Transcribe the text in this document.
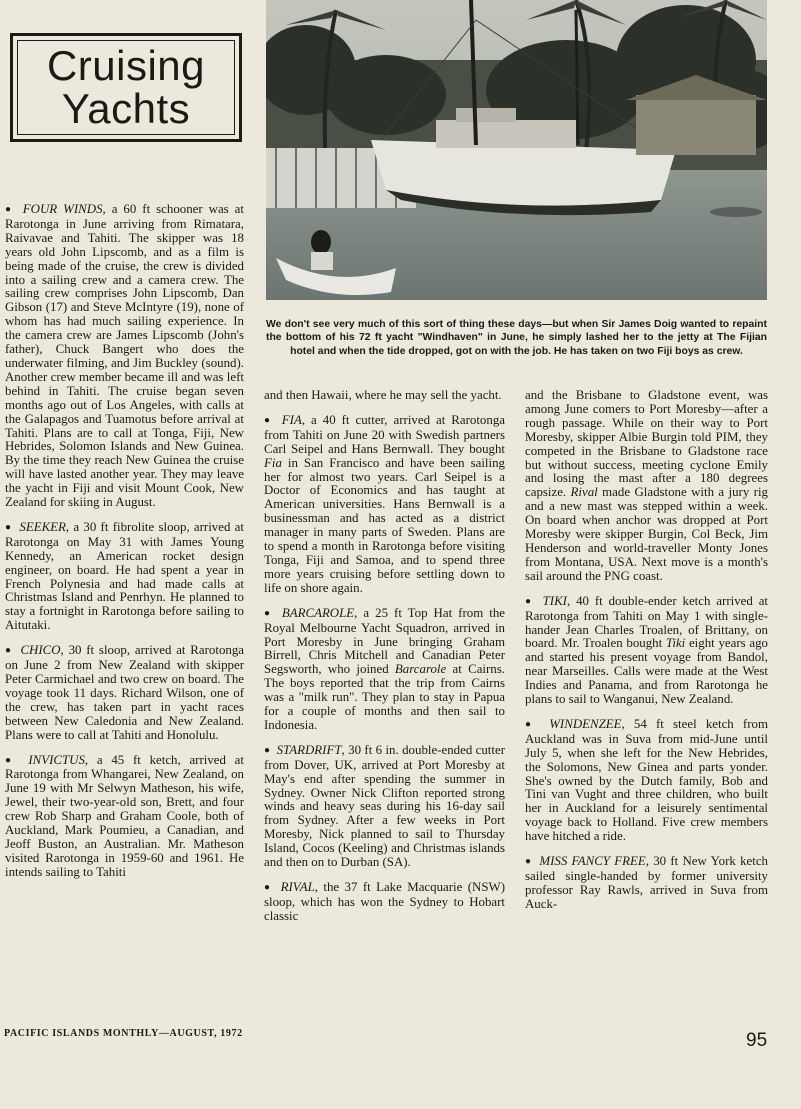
Cruising
Yachts
We don't see very much of this sort of thing these days—but when Sir James Doig wanted to repaint the bottom of his 72 ft yacht "Windhaven" in June, he simply lashed her to the jetty at The Fijian hotel and when the tide dropped, got on with the job. He has taken on two Fiji boys as crew.

● FOUR WINDS, a 60 ft schooner was at Rarotonga in June arriving from Rimatara, Raivavae and Tahiti. The skipper was 18 years old John Lipscomb, and as a film is being made of the cruise, the crew is divided into a sailing crew and a camera crew. The sailing crew comprises John Lipscomb, Dan Gibson (17) and Steve McIntyre (19), none of whom has had much sailing experience. In the camera crew are James Lipscomb (John's father), Chuck Bangert who does the underwater filming, and Jim Buckley (sound). Another crew member became ill and was left behind in Tahiti. The cruise began seven months ago out of Los Angeles, with calls at the Galapagos and Tuamotus before arrival at Tahiti. Plans are to call at Tonga, Fiji, New Hebrides, Solomon Islands and New Guinea. By the time they reach New Guinea the cruise will have lasted another year. They may leave the yacht in Fiji and visit Mount Cook, New Zealand for skiing in August.

● SEEKER, a 30 ft fibrolite sloop, arrived at Rarotonga on May 31 with James Young Kennedy, an American rocket design engineer, on board. He had spent a year in French Polynesia and had made calls at Christmas Island and Penrhyn. He planned to stay a fortnight in Rarotonga before sailing to Aitutaki.

● CHICO, 30 ft sloop, arrived at Rarotonga on June 2 from New Zealand with skipper Peter Carmichael and two crew on board. The voyage took 11 days. Richard Wilson, one of the crew, has taken part in yacht races between New Caledonia and New Zealand. Plans were to call at Tahiti and Honolulu.

● INVICTUS, a 45 ft ketch, arrived at Rarotonga from Whangarei, New Zealand, on June 19 with Mr Selwyn Matheson, his wife, Jewel, their two-year-old son, Brett, and four crew Rob Sharp and Graham Coole, both of Auckland, Mark Poumieu, a Canadian, and Jeoff Buston, an Australian. Mr. Matheson visited Rarotonga in 1959-60 and 1961. He intends sailing to Tahiti

and then Hawaii, where he may sell the yacht.

● FIA, a 40 ft cutter, arrived at Rarotonga from Tahiti on June 20 with Swedish partners Carl Seipel and Hans Bernwall. They bought Fia in San Francisco and have been sailing her for almost two years. Carl Seipel is a Doctor of Economics and has taught at American universities. Hans Bernwall is a businessman and has acted as a district manager in many parts of Sweden. Plans are to spend a month in Rarotonga before visiting Tonga, Fiji and Samoa, and to spend three more years cruising before settling down to life on shore again.

● BARCAROLE, a 25 ft Top Hat from the Royal Melbourne Yacht Squadron, arrived in Port Moresby in June bringing Graham Birrell, Chris Mitchell and Canadian Peter Segsworth, who joined Barcarole at Cairns. The boys reported that the trip from Cairns was a "milk run". They plan to stay in Papua for a couple of months and then sail to Indonesia.

● STARDRIFT, 30 ft 6 in. double-ended cutter from Dover, UK, arrived at Port Moresby at May's end after spending the summer in Sydney. Owner Nick Clifton reported strong winds and heavy seas during his 16-day sail from Sydney. After a few weeks in Port Moresby, Nick planned to sail to Thursday Island, Cocos (Keeling) and Christmas islands and then on to Durban (SA).

● RIVAL, the 37 ft Lake Macquarie (NSW) sloop, which has won the Sydney to Hobart classic

and the Brisbane to Gladstone event, was among June comers to Port Moresby—after a rough passage. While on their way to Port Moresby, skipper Albie Burgin told PIM, they competed in the Brisbane to Gladstone race but without success, meeting cyclone Emily and losing the mast after a 180 degrees capsize. Rival made Gladstone with a jury rig and a new mast was stepped within a week. On board when anchor was dropped at Port Moresby were skipper Burgin, Col Beck, Jim Henderson and world-traveller Monty Jones from Montana, USA. Next move is a month's sail around the PNG coast.

● TIKI, 40 ft double-ender ketch arrived at Rarotonga from Tahiti on May 1 with single-hander Jean Charles Troalen, of Brittany, on board. Mr. Troalen bought Tiki eight years ago and started his present voyage from Bandol, near Marseilles. Calls were made at the West Indies and Panama, and from Rarotonga he plans to sail to Wanganui, New Zealand.

● WINDENZEE, 54 ft steel ketch from Auckland was in Suva from mid-June until July 5, when she left for the New Hebrides, the Solomons, New Ginea and parts yonder. She's owned by the Dutch family, Bob and Tini van Vught and three children, who built her in Auckland for a leisurely sentimental voyage back to Holland. Five crew members have hitched a ride.

● MISS FANCY FREE, 30 ft New York ketch sailed single-handed by former university professor Ray Rawls, arrived in Suva from Auck-

PACIFIC ISLANDS MONTHLY—AUGUST, 1972	95
